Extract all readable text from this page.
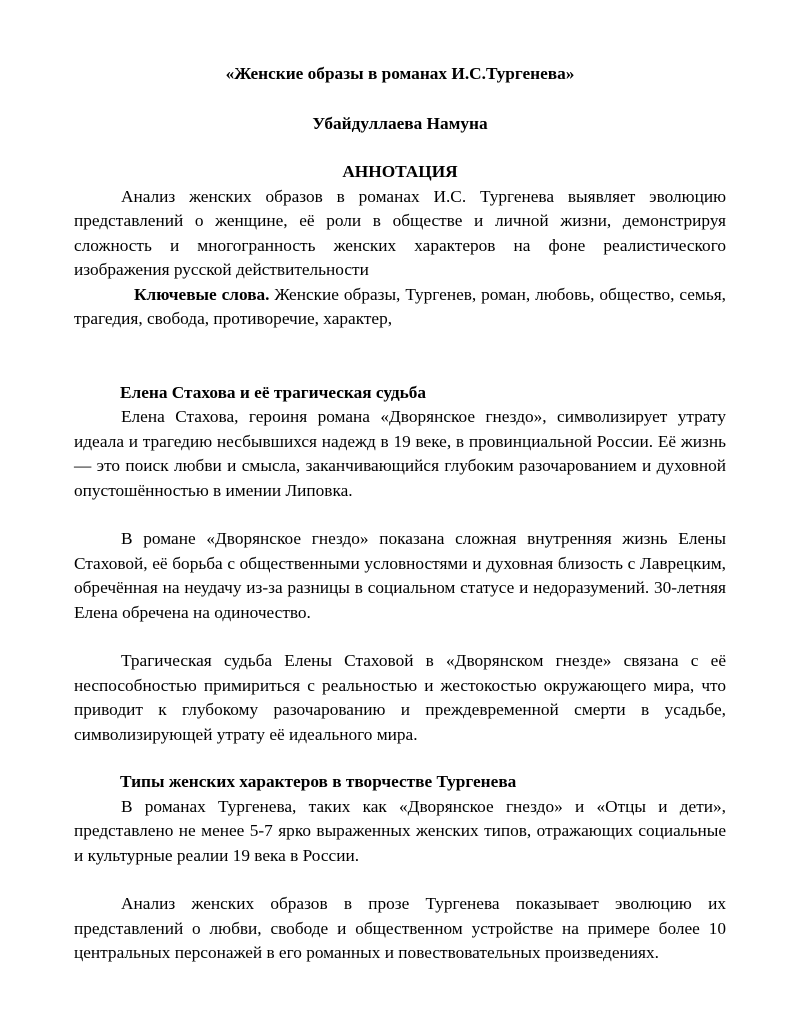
«Женские образы в романах И.С.Тургенева»
Убайдуллаева Намуна
АННОТАЦИЯ

Анализ женских образов в романах И.С. Тургенева выявляет эволюцию представлений о женщине, её роли в обществе и личной жизни, демонстрируя сложность и многогранность женских характеров на фоне реалистического изображения русской действительности

Ключевые слова. Женские образы, Тургенев, роман, любовь, общество, семья, трагедия, свобода, противоречие, характер,

Елена Стахова и её трагическая судьба

Елена Стахова, героиня романа «Дворянское гнездо», символизирует утрату идеала и трагедию несбывшихся надежд в 19 веке, в провинциальной России. Её жизнь — это поиск любви и смысла, заканчивающийся глубоким разочарованием и духовной опустошённостью в имении Липовка.

В романе «Дворянское гнездо» показана сложная внутренняя жизнь Елены Стаховой, её борьба с общественными условностями и духовная близость с Лаврецким, обречённая на неудачу из-за разницы в социальном статусе и недоразумений. 30-летняя Елена обречена на одиночество.

Трагическая судьба Елены Стаховой в «Дворянском гнезде» связана с её неспособностью примириться с реальностью и жестокостью окружающего мира, что приводит к глубокому разочарованию и преждевременной смерти в усадьбе, символизирующей утрату её идеального мира.

Типы женских характеров в творчестве Тургенева

В романах Тургенева, таких как «Дворянское гнездо» и «Отцы и дети», представлено не менее 5-7 ярко выраженных женских типов, отражающих социальные и культурные реалии 19 века в России.

Анализ женских образов в прозе Тургенева показывает эволюцию их представлений о любви, свободе и общественном устройстве на примере более 10 центральных персонажей в его романных и повествовательных произведениях.
